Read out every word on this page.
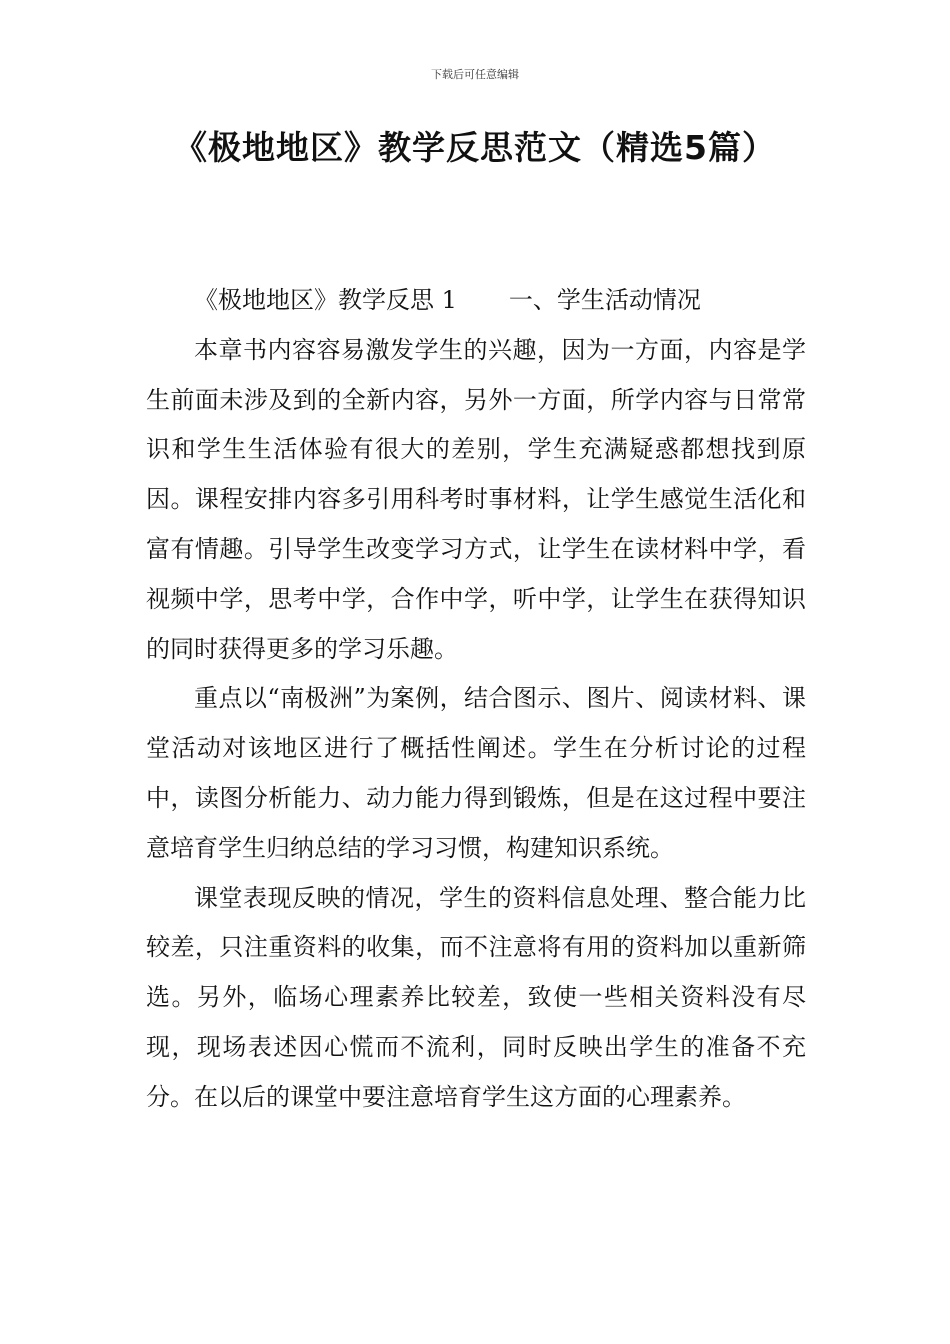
下载后可任意编辑
《极地地区》教学反思范文（精选5篇）

《极地地区》教学反思 1 一、学生活动情况

本章书内容容易激发学生的兴趣，因为一方面，内容是学生前面未涉及到的全新内容，另外一方面，所学内容与日常常识和学生生活体验有很大的差别，学生充满疑惑都想找到原因。课程安排内容多引用科考时事材料，让学生感觉生活化和富有情趣。引导学生改变学习方式，让学生在读材料中学，看视频中学，思考中学，合作中学，听中学，让学生在获得知识的同时获得更多的学习乐趣。

重点以“南极洲”为案例，结合图示、图片、阅读材料、课堂活动对该地区进行了概括性阐述。学生在分析讨论的过程中，读图分析能力、动力能力得到锻炼，但是在这过程中要注意培育学生归纳总结的学习习惯，构建知识系统。

课堂表现反映的情况，学生的资料信息处理、整合能力比较差，只注重资料的收集，而不注意将有用的资料加以重新筛选。另外，临场心理素养比较差，致使一些相关资料没有尽现，现场表述因心慌而不流利，同时反映出学生的准备不充分。在以后的课堂中要注意培育学生这方面的心理素养。
